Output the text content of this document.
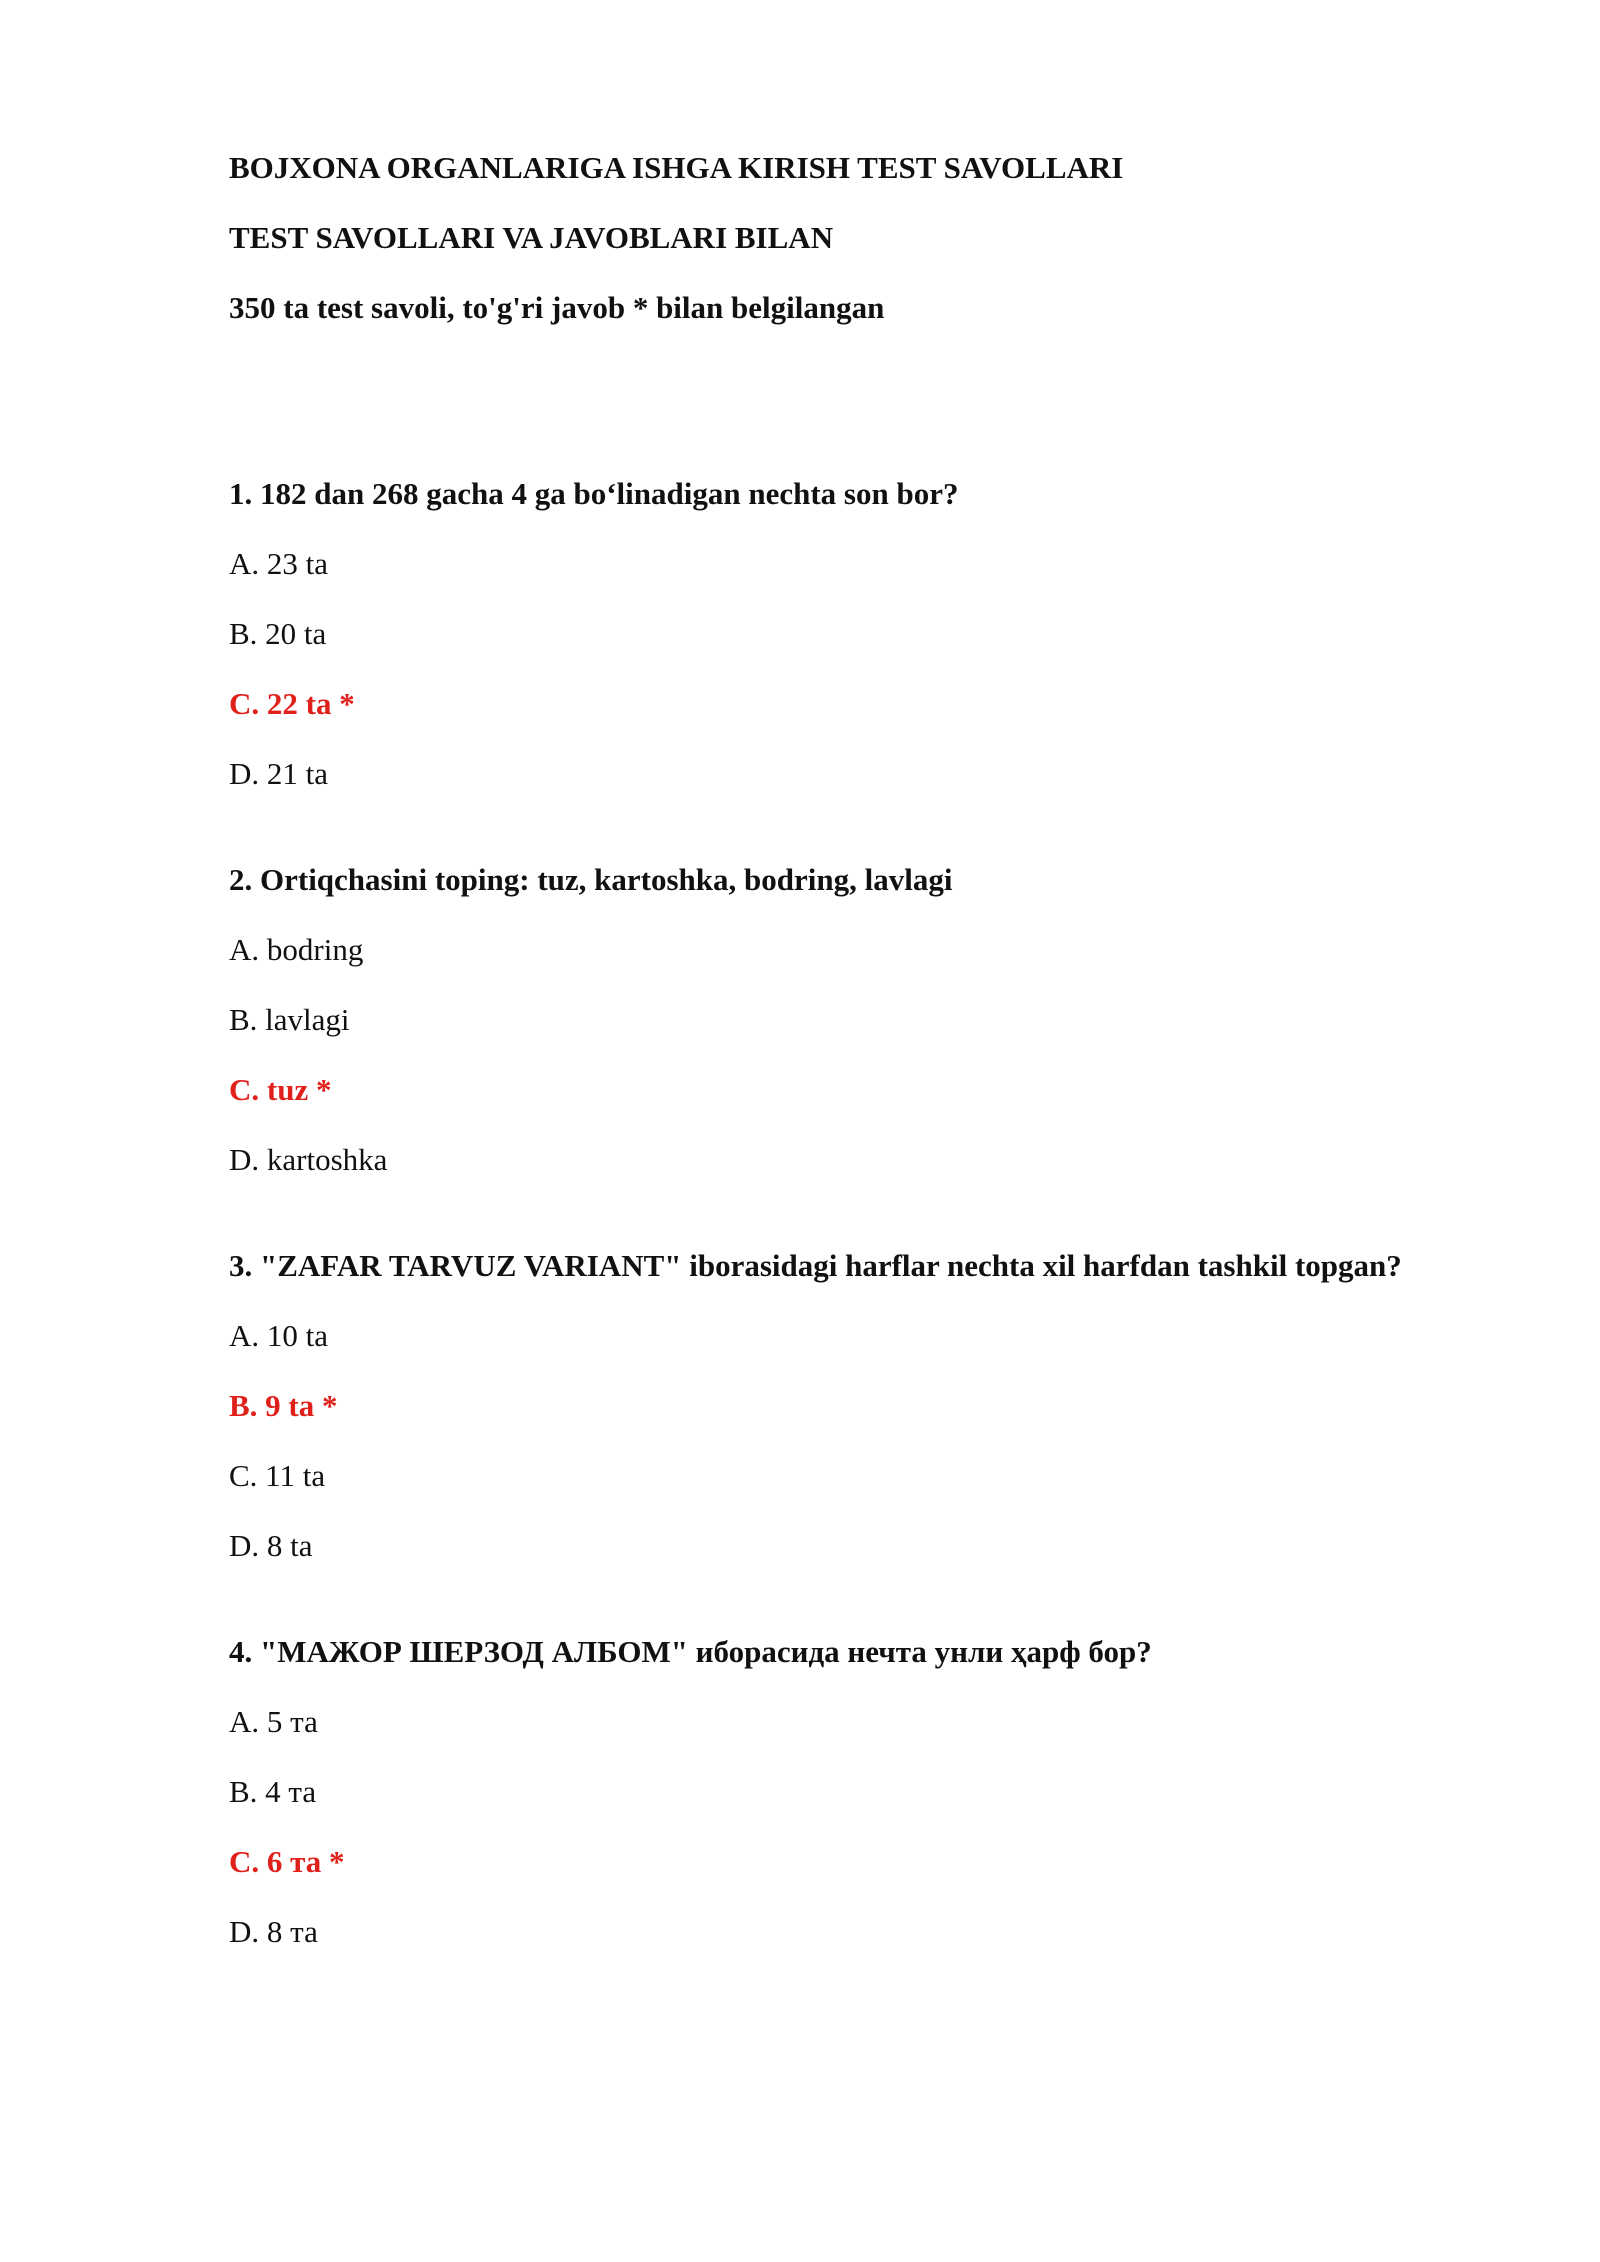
BOJXONA ORGANLARIGA ISHGA KIRISH TEST SAVOLLARI
TEST SAVOLLARI VA JAVOBLARI BILAN
350 ta test savoli, to'g'ri javob * bilan belgilangan
1. 182 dan 268 gacha 4 ga bo‘linadigan nechta son bor?
A. 23 ta
B. 20 ta
C. 22 ta *
D. 21 ta
2. Ortiqchasini toping: tuz, kartoshka, bodring, lavlagi
A. bodring
B. lavlagi
C. tuz *
D. kartoshka
3. "ZAFAR TARVUZ VARIANT" iborasidagi harflar nechta xil harfdan tashkil topgan?
A. 10 ta
B. 9 ta *
C. 11 ta
D. 8 ta
4. "МАЖОР ШЕРЗОД АЛБОМ" иборасида нечта унли ҳарф бор?
A. 5 та
B. 4 та
C. 6 та *
D. 8 та
